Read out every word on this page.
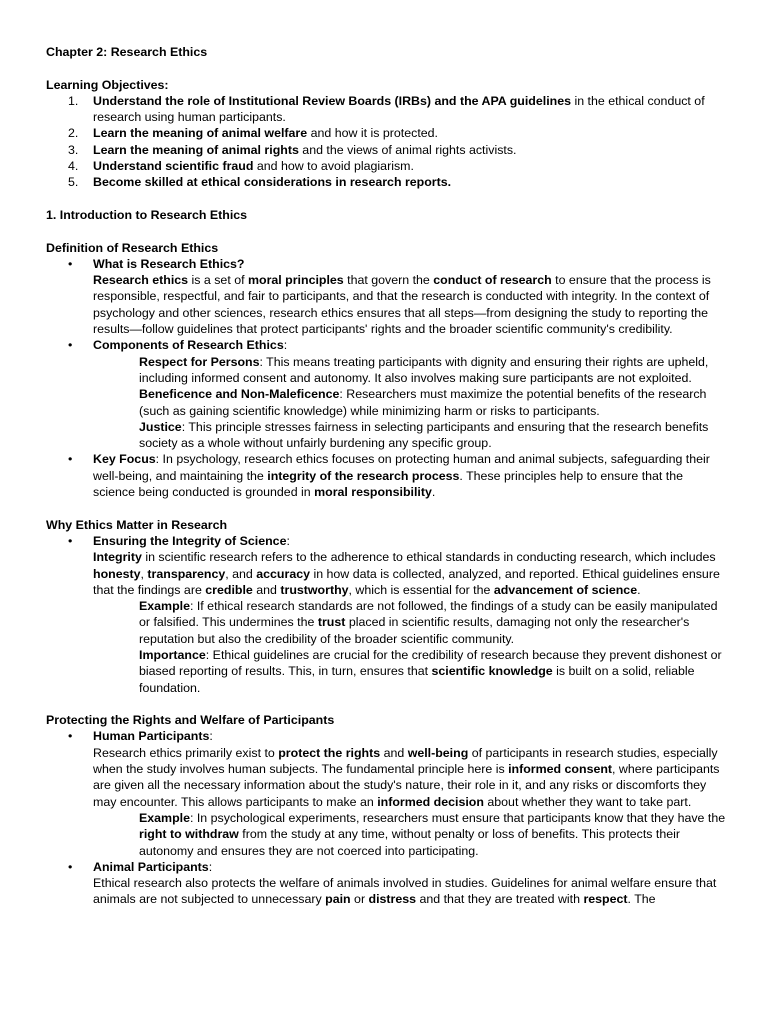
Chapter 2: Research Ethics

Learning Objectives:

1. Understand the role of Institutional Review Boards (IRBs) and the APA guidelines in the ethical conduct of research using human participants.
2. Learn the meaning of animal welfare and how it is protected.
3. Learn the meaning of animal rights and the views of animal rights activists.
4. Understand scientific fraud and how to avoid plagiarism.
5. Become skilled at ethical considerations in research reports.

1. Introduction to Research Ethics

Definition of Research Ethics

• What is Research Ethics?

Research ethics is a set of moral principles that govern the conduct of research to ensure that the process is responsible, respectful, and fair to participants, and that the research is conducted with integrity. In the context of psychology and other sciences, research ethics ensures that all steps—from designing the study to reporting the results—follow guidelines that protect participants' rights and the broader scientific community's credibility.

• Components of Research Ethics:

Respect for Persons: This means treating participants with dignity and ensuring their rights are upheld, including informed consent and autonomy. It also involves making sure participants are not exploited.

Beneficence and Non-Maleficence: Researchers must maximize the potential benefits of the research (such as gaining scientific knowledge) while minimizing harm or risks to participants.

Justice: This principle stresses fairness in selecting participants and ensuring that the research benefits society as a whole without unfairly burdening any specific group.

• Key Focus: In psychology, research ethics focuses on protecting human and animal subjects, safeguarding their well-being, and maintaining the integrity of the research process. These principles help to ensure that the science being conducted is grounded in moral responsibility.

Why Ethics Matter in Research

• Ensuring the Integrity of Science:

Integrity in scientific research refers to the adherence to ethical standards in conducting research, which includes honesty, transparency, and accuracy in how data is collected, analyzed, and reported. Ethical guidelines ensure that the findings are credible and trustworthy, which is essential for the advancement of science.

Example: If ethical research standards are not followed, the findings of a study can be easily manipulated or falsified. This undermines the trust placed in scientific results, damaging not only the researcher's reputation but also the credibility of the broader scientific community.

Importance: Ethical guidelines are crucial for the credibility of research because they prevent dishonest or biased reporting of results. This, in turn, ensures that scientific knowledge is built on a solid, reliable foundation.

Protecting the Rights and Welfare of Participants

• Human Participants:

Research ethics primarily exist to protect the rights and well-being of participants in research studies, especially when the study involves human subjects. The fundamental principle here is informed consent, where participants are given all the necessary information about the study's nature, their role in it, and any risks or discomforts they may encounter. This allows participants to make an informed decision about whether they want to take part.

Example: In psychological experiments, researchers must ensure that participants know that they have the right to withdraw from the study at any time, without penalty or loss of benefits. This protects their autonomy and ensures they are not coerced into participating.

• Animal Participants:

Ethical research also protects the welfare of animals involved in studies. Guidelines for animal welfare ensure that animals are not subjected to unnecessary pain or distress and that they are treated with respect. The
